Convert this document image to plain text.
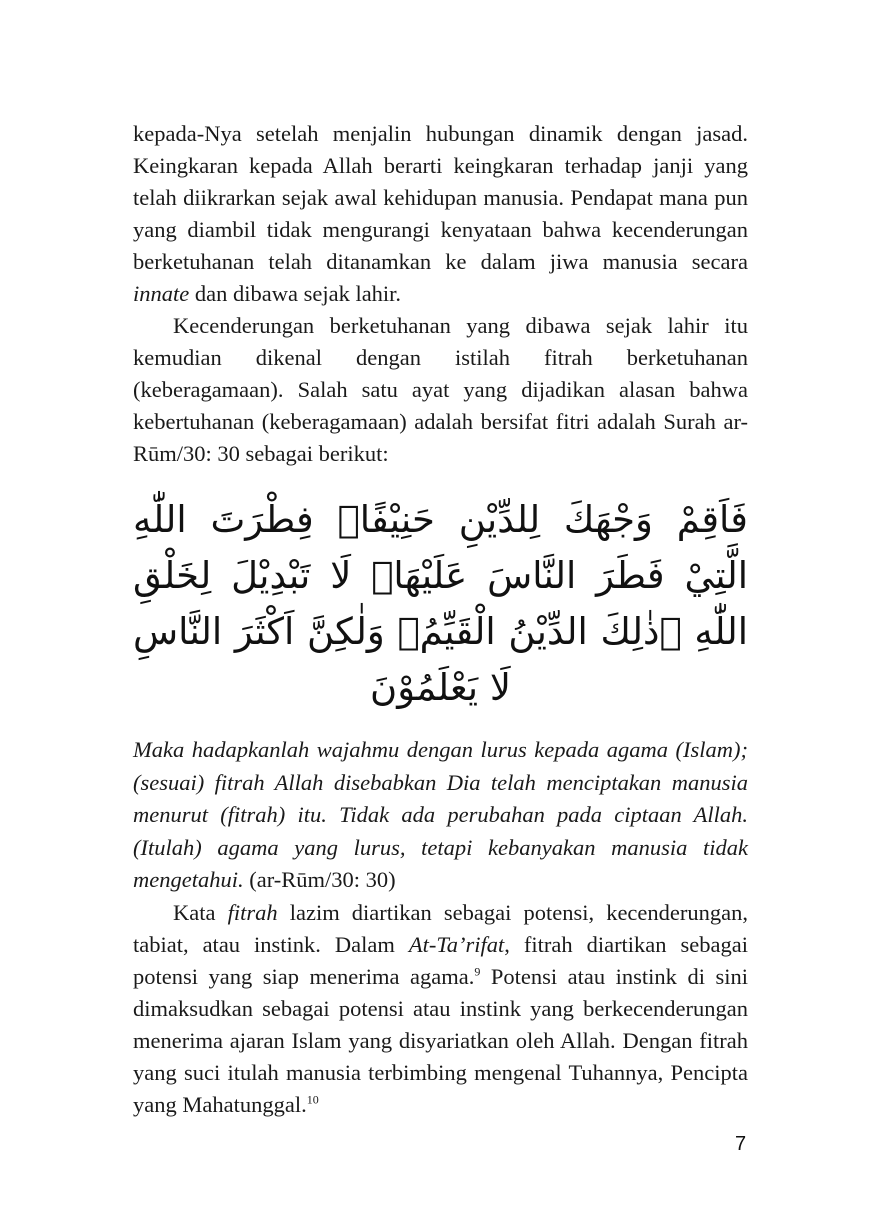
kepada-Nya setelah menjalin hubungan dinamik dengan jasad. Keingkaran kepada Allah berarti keingkaran terhadap janji yang telah diikrarkan sejak awal kehidupan manusia. Pendapat mana pun yang diambil tidak mengurangi kenyataan bahwa kecenderungan berketuhanan telah ditanamkan ke dalam jiwa manusia secara innate dan dibawa sejak lahir.

Kecenderungan berketuhanan yang dibawa sejak lahir itu kemudian dikenal dengan istilah fitrah berketuhanan (keberagamaan). Salah satu ayat yang dijadikan alasan bahwa kebertuhanan (keberagamaan) adalah bersifat fitri adalah Surah ar-Rūm/30: 30 sebagai berikut:

فَاَقِمْ وَجْهَكَ لِلدِّيْنِ حَنِيْفًاۗ فِطْرَتَ اللّٰهِ الَّتِيْ فَطَرَ النَّاسَ عَلَيْهَاۗ لَا تَبْدِيْلَ لِخَلْقِ اللّٰهِ ۗذٰلِكَ الدِّيْنُ الْقَيِّمُۙ وَلٰكِنَّ اَكْثَرَ النَّاسِ لَا يَعْلَمُوْنَ

Maka hadapkanlah wajahmu dengan lurus kepada agama (Islam); (sesuai) fitrah Allah disebabkan Dia telah menciptakan manusia menurut (fitrah) itu. Tidak ada perubahan pada ciptaan Allah. (Itulah) agama yang lurus, tetapi kebanyakan manusia tidak mengetahui. (ar-Rūm/30: 30)

Kata fitrah lazim diartikan sebagai potensi, kecenderungan, tabiat, atau instink. Dalam At-Ta’rifat, fitrah diartikan sebagai potensi yang siap menerima agama.$^9$ Potensi atau instink di sini dimaksudkan sebagai potensi atau instink yang berkecenderungan menerima ajaran Islam yang disyariatkan oleh Allah. Dengan fitrah yang suci itulah manusia terbimbing mengenal Tuhannya, Pencipta yang Mahatunggal.$^{10}$

7
